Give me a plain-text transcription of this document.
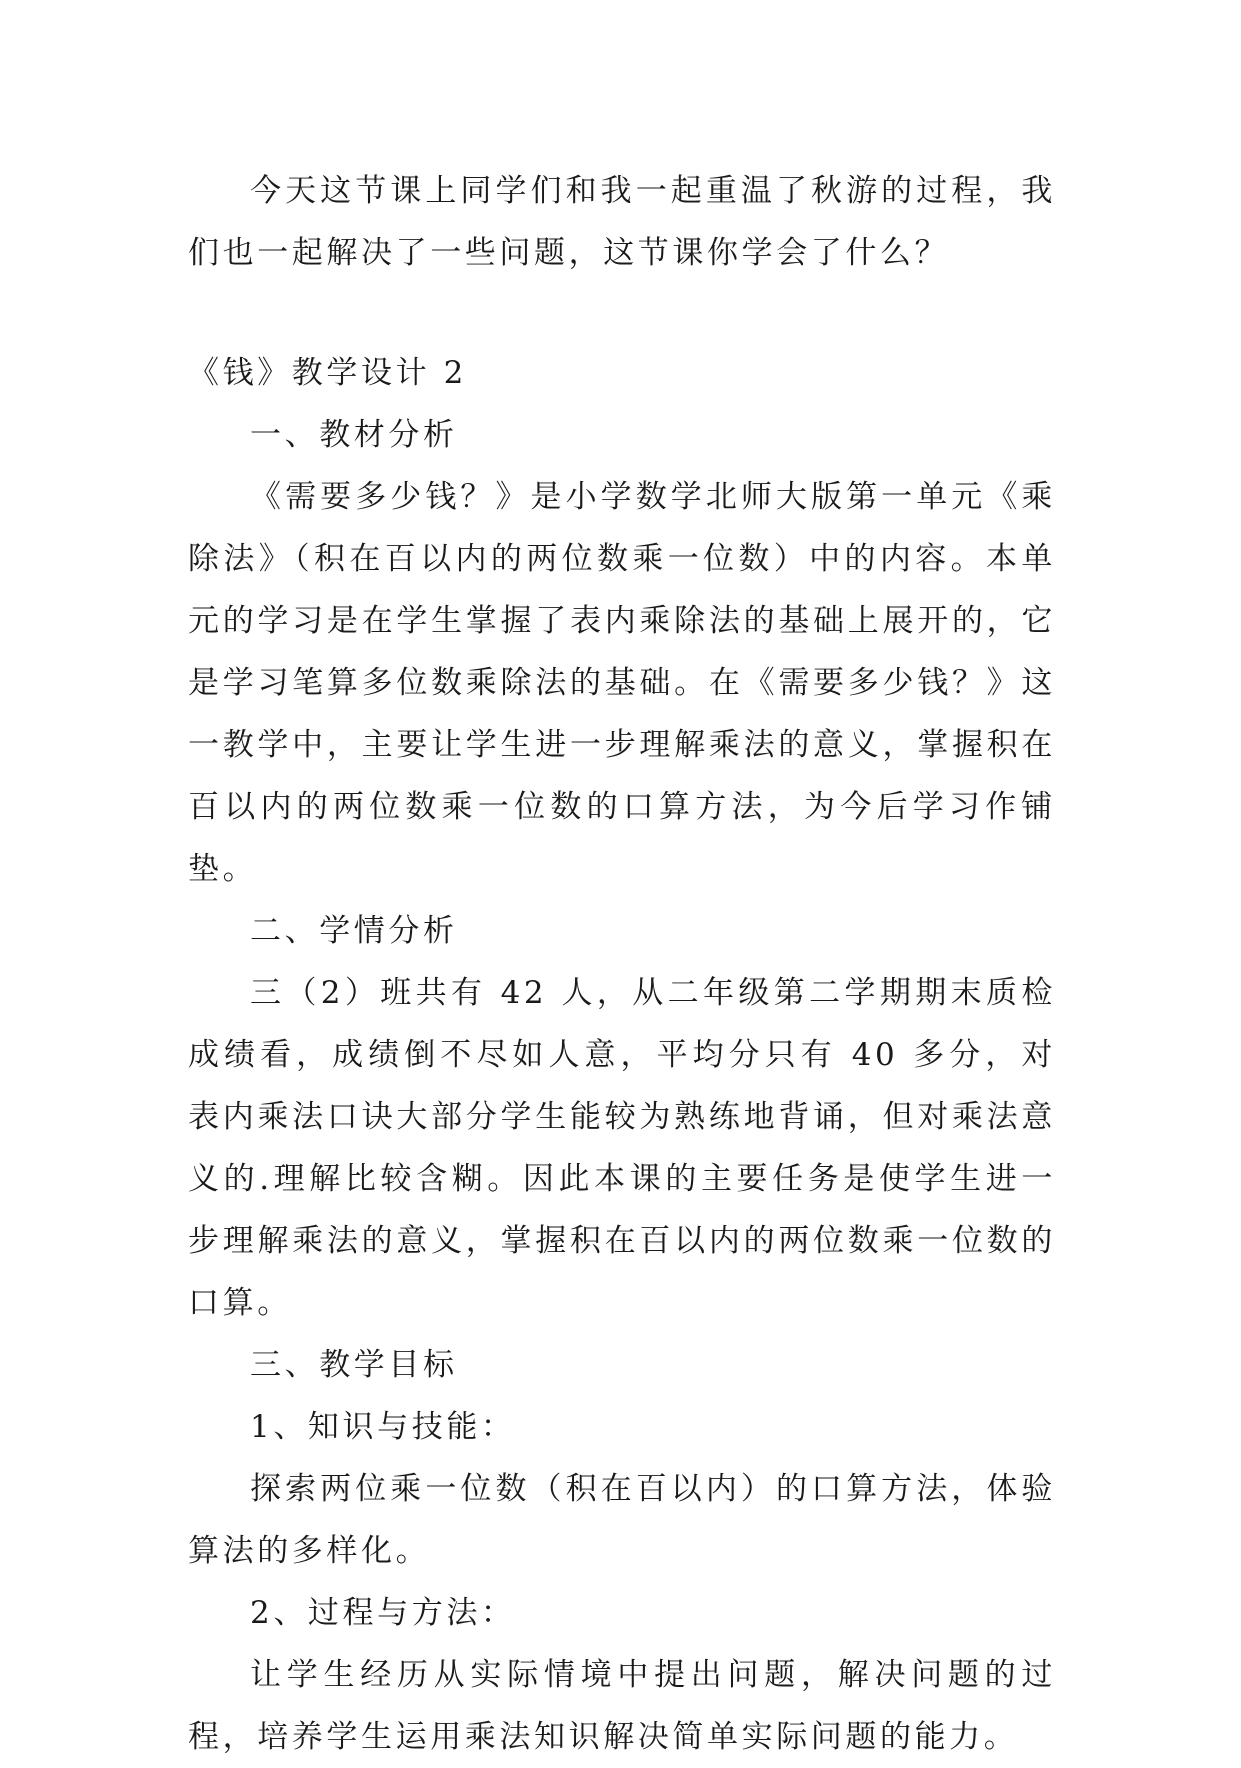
今天这节课上同学们和我一起重温了秋游的过程，我们也一起解决了一些问题，这节课你学会了什么？

《钱》教学设计 2

一、教材分析

《需要多少钱？》是小学数学北师大版第一单元《乘除法》（积在百以内的两位数乘一位数）中的内容。本单元的学习是在学生掌握了表内乘除法的基础上展开的，它是学习笔算多位数乘除法的基础。在《需要多少钱？》这一教学中，主要让学生进一步理解乘法的意义，掌握积在百以内的两位数乘一位数的口算方法，为今后学习作铺垫。

二、学情分析

三（2）班共有 42 人，从二年级第二学期期末质检成绩看，成绩倒不尽如人意，平均分只有 40 多分，对表内乘法口诀大部分学生能较为熟练地背诵，但对乘法意义的.理解比较含糊。因此本课的主要任务是使学生进一步理解乘法的意义，掌握积在百以内的两位数乘一位数的口算。

三、教学目标

1、知识与技能：

探索两位乘一位数（积在百以内）的口算方法，体验算法的多样化。

2、过程与方法：

让学生经历从实际情境中提出问题，解决问题的过程，培养学生运用乘法知识解决简单实际问题的能力。
